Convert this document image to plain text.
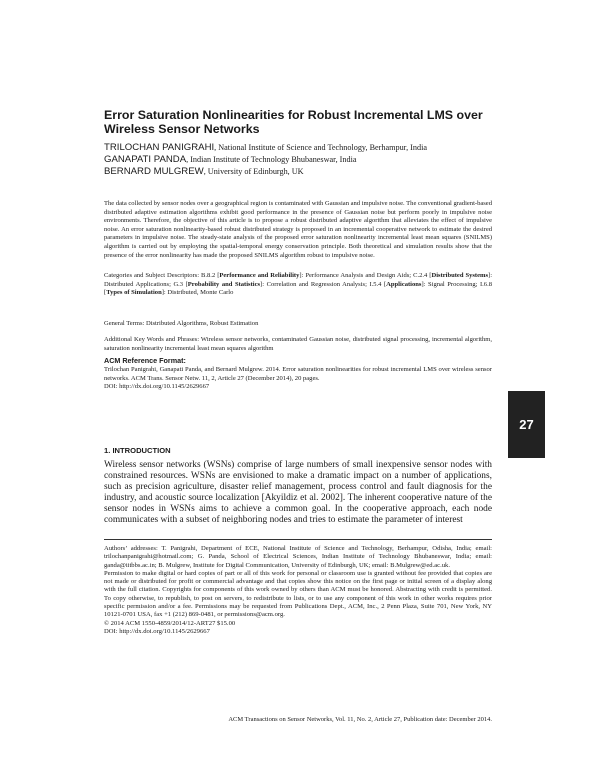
Error Saturation Nonlinearities for Robust Incremental LMS over Wireless Sensor Networks
TRILOCHAN PANIGRAHI, National Institute of Science and Technology, Berhampur, India
GANAPATI PANDA, Indian Institute of Technology Bhubaneswar, India
BERNARD MULGREW, University of Edinburgh, UK

The data collected by sensor nodes over a geographical region is contaminated with Gaussian and impulsive noise. The conventional gradient-based distributed adaptive estimation algorithms exhibit good performance in the presence of Gaussian noise but perform poorly in impulsive noise environments. Therefore, the objective of this article is to propose a robust distributed adaptive algorithm that alleviates the effect of impulsive noise. An error saturation nonlinearity-based robust distributed strategy is proposed in an incremental cooperative network to estimate the desired parameters in impulsive noise. The steady-state analysis of the proposed error saturation nonlinearity incremental least mean squares (SNILMS) algorithm is carried out by employing the spatial-temporal energy conservation principle. Both theoretical and simulation results show that the presence of the error nonlinearity has made the proposed SNILMS algorithm robust to impulsive noise.

Categories and Subject Descriptors: B.8.2 [Performance and Reliability]: Performance Analysis and Design Aids; C.2.4 [Distributed Systems]: Distributed Applications; G.3 [Probability and Statistics]: Correlation and Regression Analysis; I.5.4 [Applications]: Signal Processing; I.6.8 [Types of Simulation]: Distributed, Monte Carlo

General Terms: Distributed Algorithms, Robust Estimation

Additional Key Words and Phrases: Wireless sensor networks, contaminated Gaussian noise, distributed signal processing, incremental algorithm, saturation nonlinearity incremental least mean squares algorithm

ACM Reference Format:

Trilochan Panigrahi, Ganapati Panda, and Bernard Mulgrew. 2014. Error saturation nonlinearities for robust incremental LMS over wireless sensor networks. ACM Trans. Sensor Netw. 11, 2, Article 27 (December 2014), 20 pages.
DOI: http://dx.doi.org/10.1145/2629667
27
1. INTRODUCTION

Wireless sensor networks (WSNs) comprise of large numbers of small inexpensive sensor nodes with constrained resources. WSNs are envisioned to make a dramatic impact on a number of applications, such as precision agriculture, disaster relief management, process control and fault diagnosis for the industry, and acoustic source localization [Akyildiz et al. 2002]. The inherent cooperative nature of the sensor nodes in WSNs aims to achieve a common goal. In the cooperative approach, each node communicates with a subset of neighboring nodes and tries to estimate the parameter of interest

Authors’ addresses: T. Panigrahi, Department of ECE, National Institute of Science and Technology, Berhampur, Odisha, India; email: trilochanpanigrahi@hotmail.com; G. Panda, School of Electrical Sciences, Indian Institute of Technology Bhubaneswar, India; email: ganda@iitbbs.ac.in; B. Mulgrew, Institute for Digital Communication, University of Edinburgh, UK; email: B.Mulgrew@ed.ac.uk.

Permission to make digital or hard copies of part or all of this work for personal or classroom use is granted without fee provided that copies are not made or distributed for profit or commercial advantage and that copies show this notice on the first page or initial screen of a display along with the full citation. Copyrights for components of this work owned by others than ACM must be honored. Abstracting with credit is permitted. To copy otherwise, to republish, to post on servers, to redistribute to lists, or to use any component of this work in other works requires prior specific permission and/or a fee. Permissions may be requested from Publications Dept., ACM, Inc., 2 Penn Plaza, Suite 701, New York, NY 10121-0701 USA, fax +1 (212) 869-0481, or permissions@acm.org.

© 2014 ACM 1550-4859/2014/12-ART27 $15.00

DOI: http://dx.doi.org/10.1145/2629667

ACM Transactions on Sensor Networks, Vol. 11, No. 2, Article 27, Publication date: December 2014.
